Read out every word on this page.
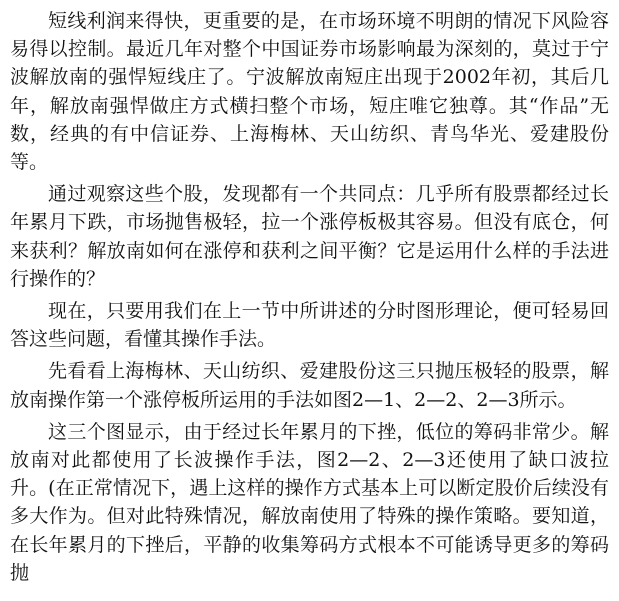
短线利润来得快，更重要的是，在市场环境不明朗的情况下风险容易得以控制。最近几年对整个中国证券市场影响最为深刻的，莫过于宁波解放南的强悍短线庄了。宁波解放南短庄出现于2002年初，其后几年，解放南强悍做庄方式横扫整个市场，短庄唯它独尊。其“作品”无数，经典的有中信证券、上海梅林、天山纺织、青鸟华光、爱建股份等。

通过观察这些个股，发现都有一个共同点：几乎所有股票都经过长年累月下跌，市场抛售极轻，拉一个涨停板极其容易。但没有底仓，何来获利？解放南如何在涨停和获利之间平衡？它是运用什么样的手法进行操作的？

现在，只要用我们在上一节中所讲述的分时图形理论，便可轻易回答这些问题，看懂其操作手法。

先看看上海梅林、天山纺织、爱建股份这三只抛压极轻的股票，解放南操作第一个涨停板所运用的手法如图2—1、2—2、2—3所示。

这三个图显示，由于经过长年累月的下挫，低位的筹码非常少。解放南对此都使用了长波操作手法，图2—2、2—3还使用了缺口波拉升。(在正常情况下，遇上这样的操作方式基本上可以断定股价后续没有多大作为。但对此特殊情况，解放南使用了特殊的操作策略。要知道，在长年累月的下挫后，平静的收集筹码方式根本不可能诱导更多的筹码抛
